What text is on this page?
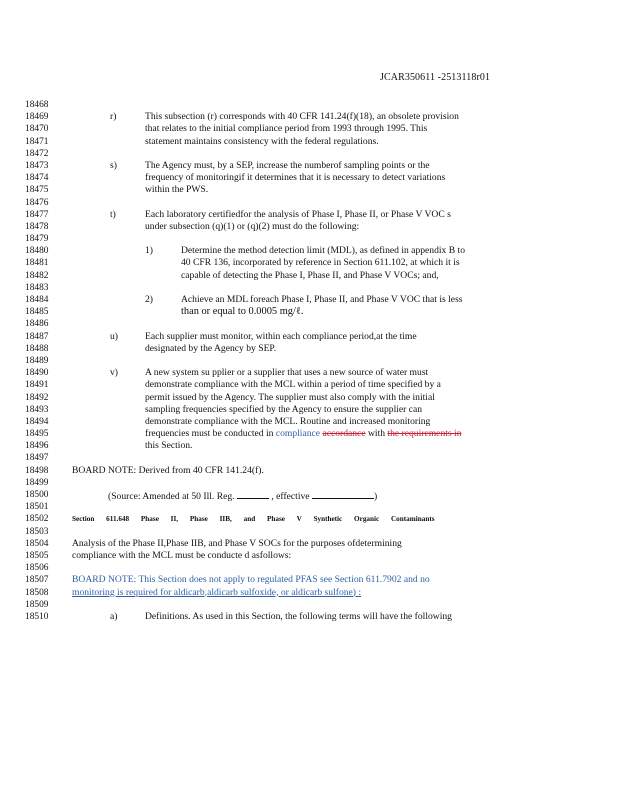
JCAR350611 -2513118r01
18468
18469	r)	This subsection (r) corresponds with 40 CFR 141.24(f)(18), an obsolete provision
18470	that relates to the initial compliance period from 1993 through 1995. This
18471	statement maintains consistency with the federal regulations.
18472
18473	s)	The Agency must, by a SEP, increase the numberof sampling points or the
18474	frequency of monitoringif it determines that it is necessary to detect variations
18475	within the PWS.
18476
18477	t)	Each laboratory certifiedfor the analysis of Phase I, Phase II, or Phase V VOC s
18478	under subsection (q)(1) or (q)(2) must do the following:
18479
18480	1)	Determine the method detection limit (MDL), as defined in appendix B to
18481	40 CFR 136, incorporated by reference in Section 611.102, at which it is
18482	capable of detecting the Phase I, Phase II, and Phase V VOCs; and,
18483
18484	2)	Achieve an MDL foreach Phase I, Phase II, and Phase V VOC that is less
18485	than or equal to 0.0005 mg/ℓ.
18486
18487	u)	Each supplier must monitor, within each compliance period,at the time
18488	designated by the Agency by SEP.
18489
18490	v)	A new system su pplier or a supplier that uses a new source of water must
18491	demonstrate compliance with the MCL within a period of time specified by a
18492	permit issued by the Agency. The supplier must also comply with the initial
18493	sampling frequencies specified by the Agency to ensure the supplier can
18494	demonstrate compliance with the MCL. Routine and increased monitoring
18495	frequencies must be conducted in compliance accordance with the requirements in
18496	this Section.
18497
18498	BOARD NOTE: Derived from 40 CFR 141.24(f).
18499
18500	(Source: Amended at 50 Ill. Reg.	, effective	)
18501
18502	Section 611.648 Phase II, Phase IIB, and Phase V Synthetic Organic Contaminants
18503
18504	Analysis of the Phase II,Phase IIB, and Phase V SOCs for the purposes ofdetermining
18505	compliance with the MCL must be conducte d asfollows:
18506
18507	BOARD NOTE: This Section does not apply to regulated PFAS see Section 611.7902 and no
18508	monitoring is required for aldicarb,aldicarb sulfoxide, or aldicarb sulfone) :
18509
18510	a)	Definitions. As used in this Section, the following terms will have the following
